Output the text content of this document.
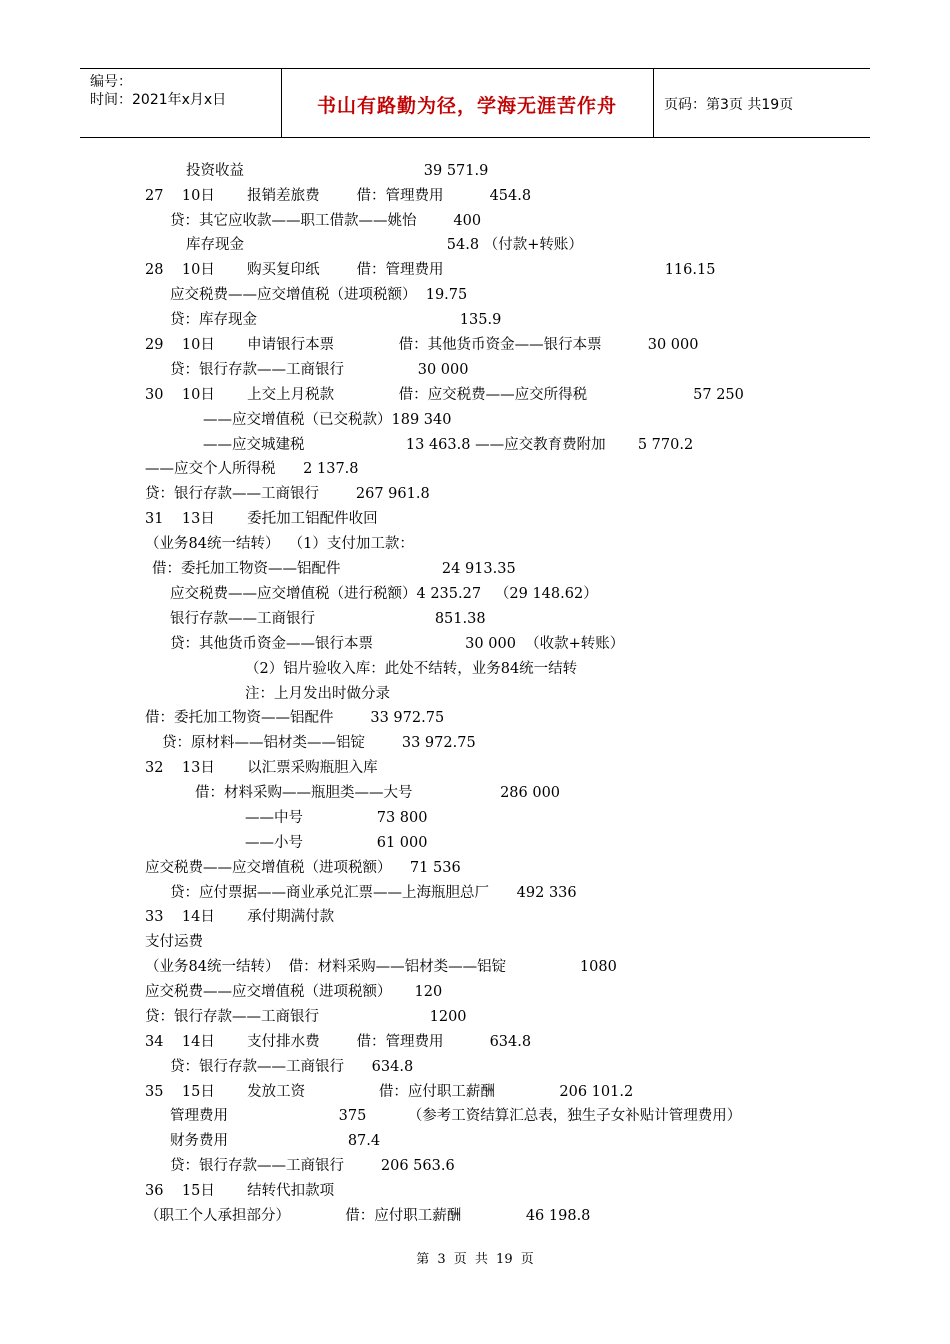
编号：
时间：2021年x月x日	书山有路勤为径，学海无涯苦作舟	页码：第3页 共19页
投资收益                                       39 571.9
27    10日       报销差旅费        借：管理费用          454.8
贷：其它应收款——职工借款——姚怡        400
库存现金                                            54.8 （付款+转账）
28    10日       购买复印纸        借：管理费用                                                116.15
应交税费——应交增值税（进项税额）  19.75
贷：库存现金                                            135.9
29    10日       申请银行本票              借：其他货币资金——银行本票          30 000
贷：银行存款——工商银行                30 000
30    10日       上交上月税款              借：应交税费——应交所得税                       57 250
——应交增值税（已交税款）189 340
——应交城建税                      13 463.8 ——应交教育费附加       5 770.2
——应交个人所得税      2 137.8
贷：银行存款——工商银行        267 961.8
31    13日       委托加工铝配件收回
（业务84统一结转）  （1）支付加工款：
借：委托加工物资——铝配件                      24 913.35
应交税费——应交增值税（进行税额）4 235.27   （29 148.62）
银行存款——工商银行                          851.38
贷：其他货币资金——银行本票                    30 000  （收款+转账）
（2）铝片验收入库：此处不结转，业务84统一结转
注：上月发出时做分录
借：委托加工物资——铝配件        33 972.75
贷：原材料——铝材类——铝锭        33 972.75
32    13日       以汇票采购瓶胆入库
借：材料采购——瓶胆类——大号                   286 000
——中号                73 800
——小号                61 000
应交税费——应交增值税（进项税额）    71 536
贷：应付票据——商业承兑汇票——上海瓶胆总厂      492 336
33    14日       承付期满付款
支付运费
（业务84统一结转）  借：材料采购——铝材类——铝锭                1080
应交税费——应交增值税（进项税额）     120
贷：银行存款——工商银行                        1200
34    14日       支付排水费        借：管理费用          634.8
贷：银行存款——工商银行      634.8
35    15日       发放工资                借：应付职工薪酬              206 101.2
管理费用                        375         （参考工资结算汇总表，独生子女补贴计管理费用）
财务费用                          87.4
贷：银行存款——工商银行        206 563.6
36    15日       结转代扣款项
（职工个人承担部分）            借：应付职工薪酬              46 198.8
第 3 页 共 19 页
